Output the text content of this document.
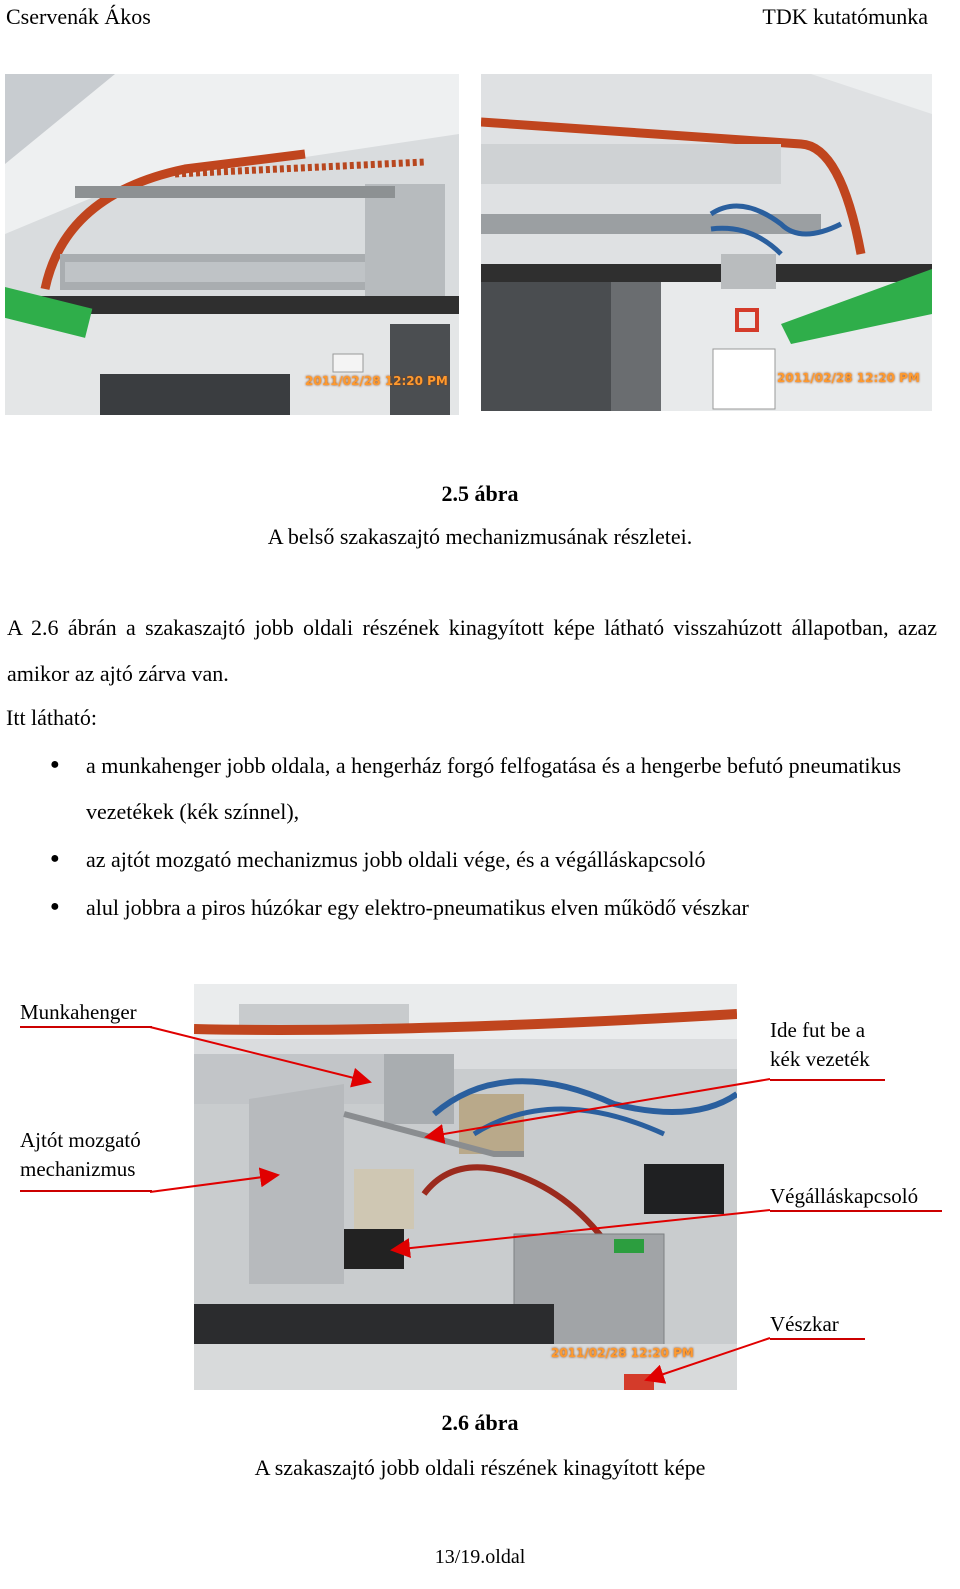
Cservenák Ákos	TDK kutatómunka
2011/02/28 12:20 PM	2011/02/28 12:20 PM
2.5 ábra
A belső szakaszajtó mechanizmusának részletei.
A 2.6 ábrán a szakaszajtó jobb oldali részének kinagyított képe látható visszahúzott állapotban, azaz amikor az ajtó zárva van.
Itt látható:
● a munkahenger jobb oldala, a hengerház forgó felfogatása és a hengerbe befutó pneumatikus vezetékek (kék színnel),
● az ajtót mozgató mechanizmus jobb oldali vége, és a végálláskapcsoló
● alul jobbra a piros húzókar egy elektro-pneumatikus elven működő vészkar
2011/02/28 12:20 PM
Munkahenger
Ide fut be a
kék vezeték
Ajtót mozgató
mechanizmus
Végálláskapcsoló
Vészkar
2.6 ábra
A szakaszajtó jobb oldali részének kinagyított képe
13/19.oldal
